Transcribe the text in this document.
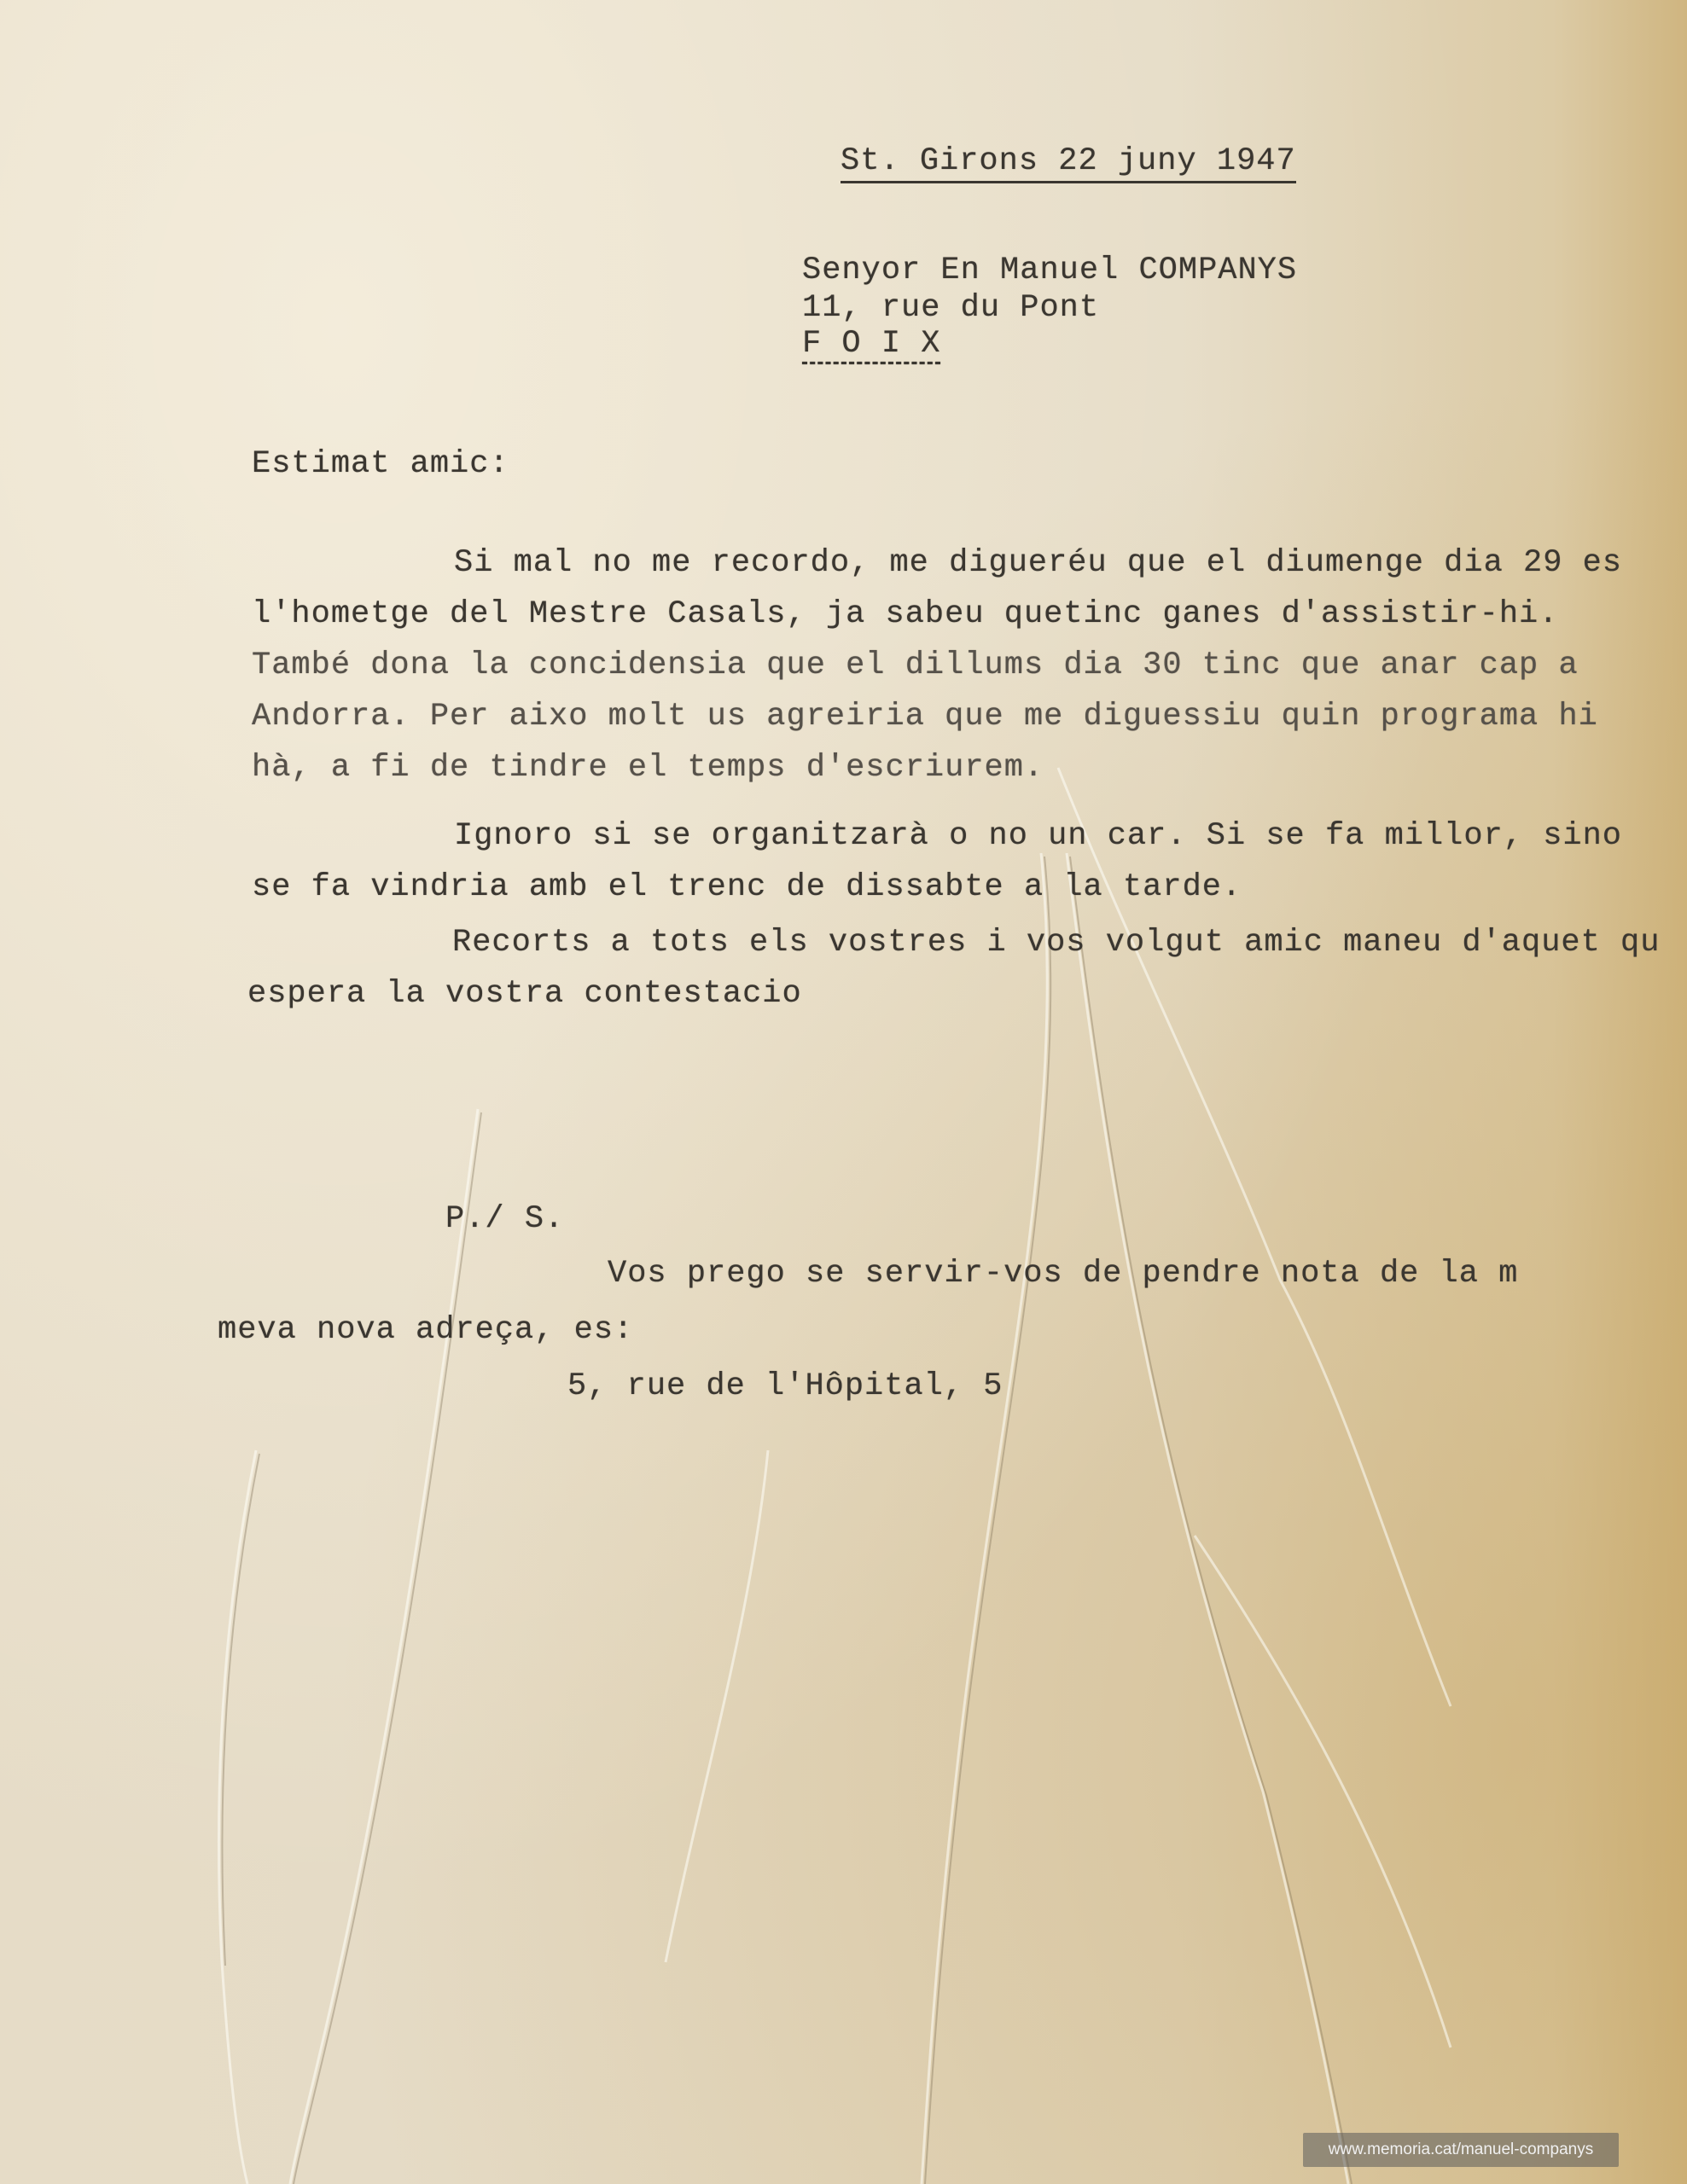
St. Girons 22 juny 1947
Senyor En Manuel COMPANYS
11, rue du Pont
F O I X
Estimat amic:
Si mal no me recordo, me digueréu que el diumenge dia 29 es
l'hometge del Mestre Casals, ja sabeu quetinc ganes d'assistir-hi.
També dona la concidensia que el dillums dia 30 tinc que anar cap a
Andorra. Per aixo molt us agreiria que me diguessiu quin programa hi
hà, a fi de tindre el temps d'escriurem.
Ignoro si se organitzarà o no un car. Si se fa millor, sino
se fa vindria amb el trenc de dissabte a la tarde.
Recorts a tots els vostres i vos volgut amic maneu d'aquet qu
espera la vostra contestacio
P./ S.
Vos prego se servir-vos de pendre nota de la m
meva nova adreça, es:
5, rue de l'Hôpital, 5
www.memoria.cat/manuel-companys
